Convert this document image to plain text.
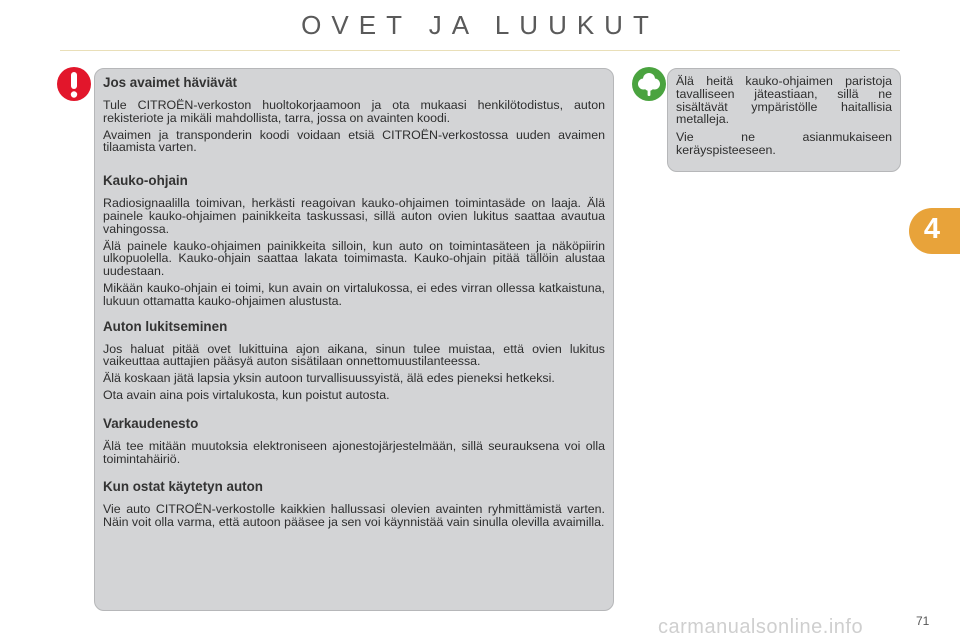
OVET JA LUUKUT
Jos avaimet häviävät

Tule CITROËN-verkoston huoltokorjaamoon ja ota mukaasi henkilötodistus, auton rekisteriote ja mikäli mahdollista, tarra, jossa on avainten koodi.

Avaimen ja transponderin koodi voidaan etsiä CITROËN-verkostossa uuden avaimen tilaamista varten.

Kauko-ohjain

Radiosignaalilla toimivan, herkästi reagoivan kauko-ohjaimen toimintasäde on laaja. Älä painele kauko-ohjaimen painikkeita taskussasi, sillä auton ovien lukitus saattaa avautua vahingossa.

Älä painele kauko-ohjaimen painikkeita silloin, kun auto on toimintasäteen ja näköpiirin ulkopuolella. Kauko-ohjain saattaa lakata toimimasta. Kauko-ohjain pitää tällöin alustaa uudestaan.

Mikään kauko-ohjain ei toimi, kun avain on virtalukossa, ei edes virran ollessa katkaistuna, lukuun ottamatta kauko-ohjaimen alustusta.

Auton lukitseminen

Jos haluat pitää ovet lukittuina ajon aikana, sinun tulee muistaa, että ovien lukitus vaikeuttaa auttajien pääsyä auton sisätilaan onnettomuustilanteessa.

Älä koskaan jätä lapsia yksin autoon turvallisuussyistä, älä edes pieneksi hetkeksi.

Ota avain aina pois virtalukosta, kun poistut autosta.

Varkaudenesto

Älä tee mitään muutoksia elektroniseen ajonestojärjestelmään, sillä seurauksena voi olla toimintahäiriö.

Kun ostat käytetyn auton

Vie auto CITROËN-verkostolle kaikkien hallussasi olevien avainten ryhmittämistä varten. Näin voit olla varma, että autoon pääsee ja sen voi käynnistää vain sinulla olevilla avaimilla.

Älä heitä kauko-ohjaimen paristoja tavalliseen jäteastiaan, sillä ne sisältävät ympäristölle haitallisia metalleja.

Vie ne asianmukaiseen keräyspisteeseen.

4
carmanualsonline.info	71
